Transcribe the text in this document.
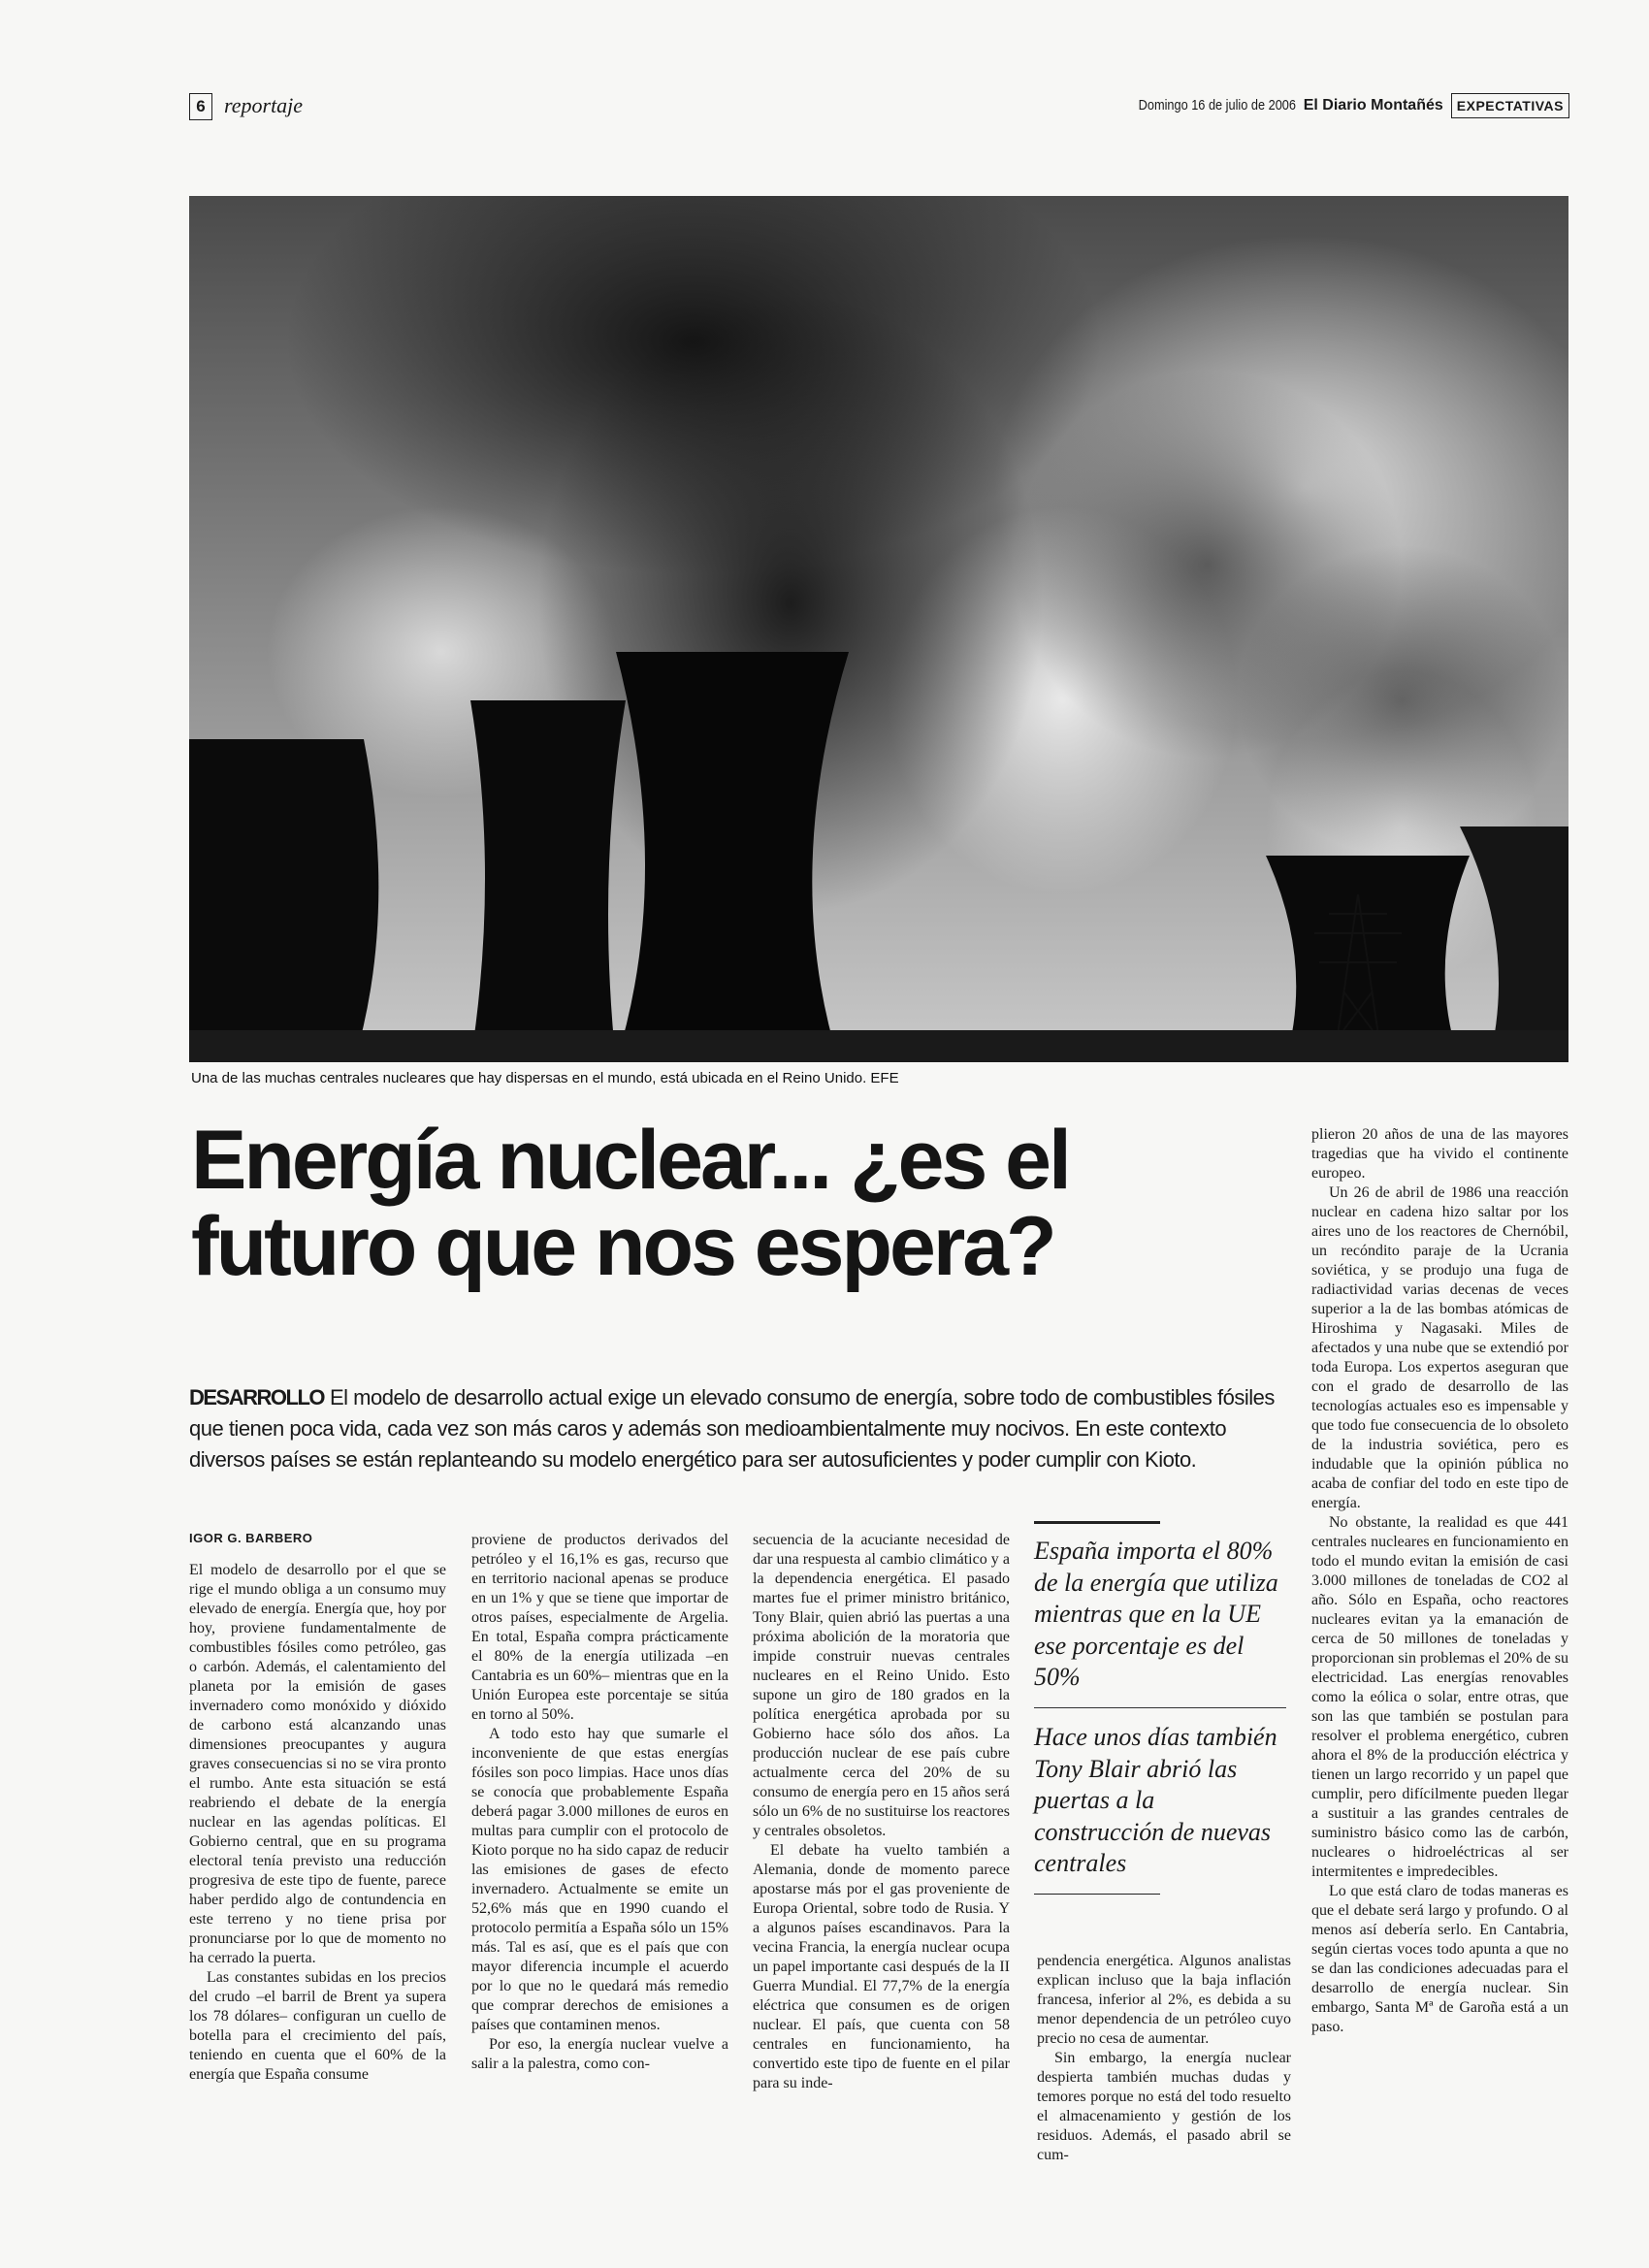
6 reportaje	Domingo 16 de julio de 2006 El Diario Montañés	EXPECTATIVAS
Una de las muchas centrales nucleares que hay dispersas en el mundo, está ubicada en el Reino Unido. EFE
Energía nuclear... ¿es el futuro que nos espera?
DESARROLLO El modelo de desarrollo actual exige un elevado consumo de energía, sobre todo de combustibles fósiles que tienen poca vida, cada vez son más caros y además son medioambientalmente muy nocivos. En este contexto diversos países se están replanteando su modelo energético para ser autosuficientes y poder cumplir con Kioto.
IGOR G. BARBERO

El modelo de desarrollo por el que se rige el mundo obliga a un consumo muy elevado de energía. Energía que, hoy por hoy, proviene fundamentalmente de combustibles fósiles como petróleo, gas o carbón. Además, el calentamiento del planeta por la emisión de gases invernadero como monóxido y dióxido de carbono está alcanzando unas dimensiones preocupantes y augura graves consecuencias si no se vira pronto el rumbo. Ante esta situación se está reabriendo el debate de la energía nuclear en las agendas políticas. El Gobierno central, que en su programa electoral tenía previsto una reducción progresiva de este tipo de fuente, parece haber perdido algo de contundencia en este terreno y no tiene prisa por pronunciarse por lo que de momento no ha cerrado la puerta.

Las constantes subidas en los precios del crudo –el barril de Brent ya supera los 78 dólares– configuran un cuello de botella para el crecimiento del país, teniendo en cuenta que el 60% de la energía que España consume

proviene de productos derivados del petróleo y el 16,1% es gas, recurso que en territorio nacional apenas se produce en un 1% y que se tiene que importar de otros países, especialmente de Argelia. En total, España compra prácticamente el 80% de la energía utilizada –en Cantabria es un 60%– mientras que en la Unión Europea este porcentaje se sitúa en torno al 50%.

A todo esto hay que sumarle el inconveniente de que estas energías fósiles son poco limpias. Hace unos días se conocía que probablemente España deberá pagar 3.000 millones de euros en multas para cumplir con el protocolo de Kioto porque no ha sido capaz de reducir las emisiones de gases de efecto invernadero. Actualmente se emite un 52,6% más que en 1990 cuando el protocolo permitía a España sólo un 15% más. Tal es así, que es el país que con mayor diferencia incumple el acuerdo por lo que no le quedará más remedio que comprar derechos de emisiones a países que contaminen menos.

Por eso, la energía nuclear vuelve a salir a la palestra, como con-

secuencia de la acuciante necesidad de dar una respuesta al cambio climático y a la dependencia energética. El pasado martes fue el primer ministro británico, Tony Blair, quien abrió las puertas a una próxima abolición de la moratoria que impide construir nuevas centrales nucleares en el Reino Unido. Esto supone un giro de 180 grados en la política energética aprobada por su Gobierno hace sólo dos años. La producción nuclear de ese país cubre actualmente cerca del 20% de su consumo de energía pero en 15 años será sólo un 6% de no sustituirse los reactores y centrales obsoletos.

El debate ha vuelto también a Alemania, donde de momento parece apostarse más por el gas proveniente de Europa Oriental, sobre todo de Rusia. Y a algunos países escandinavos. Para la vecina Francia, la energía nuclear ocupa un papel importante casi después de la II Guerra Mundial. El 77,7% de la energía eléctrica que consumen es de origen nuclear. El país, que cuenta con 58 centrales en funcionamiento, ha convertido este tipo de fuente en el pilar para su inde-

España importa el 80% de la energía que utiliza mientras que en la UE ese porcentaje es del 50%
Hace unos días también Tony Blair abrió las puertas a la construcción de nuevas centrales

pendencia energética. Algunos analistas explican incluso que la baja inflación francesa, inferior al 2%, es debida a su menor dependencia de un petróleo cuyo precio no cesa de aumentar.

Sin embargo, la energía nuclear despierta también muchas dudas y temores porque no está del todo resuelto el almacenamiento y gestión de los residuos. Además, el pasado abril se cum-

plieron 20 años de una de las mayores tragedias que ha vivido el continente europeo.

Un 26 de abril de 1986 una reacción nuclear en cadena hizo saltar por los aires uno de los reactores de Chernóbil, un recóndito paraje de la Ucrania soviética, y se produjo una fuga de radiactividad varias decenas de veces superior a la de las bombas atómicas de Hiroshima y Nagasaki. Miles de afectados y una nube que se extendió por toda Europa. Los expertos aseguran que con el grado de desarrollo de las tecnologías actuales eso es impensable y que todo fue consecuencia de lo obsoleto de la industria soviética, pero es indudable que la opinión pública no acaba de confiar del todo en este tipo de energía.

No obstante, la realidad es que 441 centrales nucleares en funcionamiento en todo el mundo evitan la emisión de casi 3.000 millones de toneladas de CO2 al año. Sólo en España, ocho reactores nucleares evitan ya la emanación de cerca de 50 millones de toneladas y proporcionan sin problemas el 20% de su electricidad. Las energías renovables como la eólica o solar, entre otras, que son las que también se postulan para resolver el problema energético, cubren ahora el 8% de la producción eléctrica y tienen un largo recorrido y un papel que cumplir, pero difícilmente pueden llegar a sustituir a las grandes centrales de suministro básico como las de carbón, nucleares o hidroeléctricas al ser intermitentes e impredecibles.

Lo que está claro de todas maneras es que el debate será largo y profundo. O al menos así debería serlo. En Cantabria, según ciertas voces todo apunta a que no se dan las condiciones adecuadas para el desarrollo de energía nuclear. Sin embargo, Santa Mª de Garoña está a un paso.
